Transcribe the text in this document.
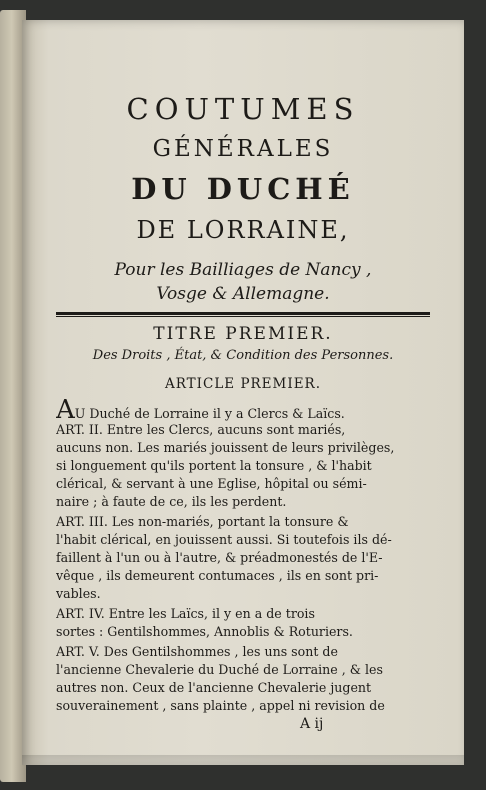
COUTUMES
GÉNÉRALES
DU DUCHÉ
DE LORRAINE,
Pour les Bailliages de Nancy ,
Vosge & Allemagne.
TITRE PREMIER.
Des Droits , État, & Condition des Personnes.
ARTICLE PREMIER.
AU Duché de Lorraine il y a Clercs & Laïcs.
ART. II. Entre les Clercs, aucuns sont mariés,
aucuns non. Les mariés jouissent de leurs privilèges,
si longuement qu'ils portent la tonsure , & l'habit
clérical, & servant à une Eglise, hôpital ou sémi-
naire ; à faute de ce, ils les perdent.
ART. III. Les non-mariés, portant la tonsure &
l'habit clérical, en jouissent aussi. Si toutefois ils dé-
faillent à l'un ou à l'autre, & préadmonestés de l'E-
vêque , ils demeurent contumaces , ils en sont pri-
vables.
ART. IV. Entre les Laïcs, il y en a de trois
sortes : Gentilshommes, Annoblis & Roturiers.
ART. V. Des Gentilshommes , les uns sont de
l'ancienne Chevalerie du Duché de Lorraine , & les
autres non. Ceux de l'ancienne Chevalerie jugent
souverainement , sans plainte , appel ni revision de
A ij
